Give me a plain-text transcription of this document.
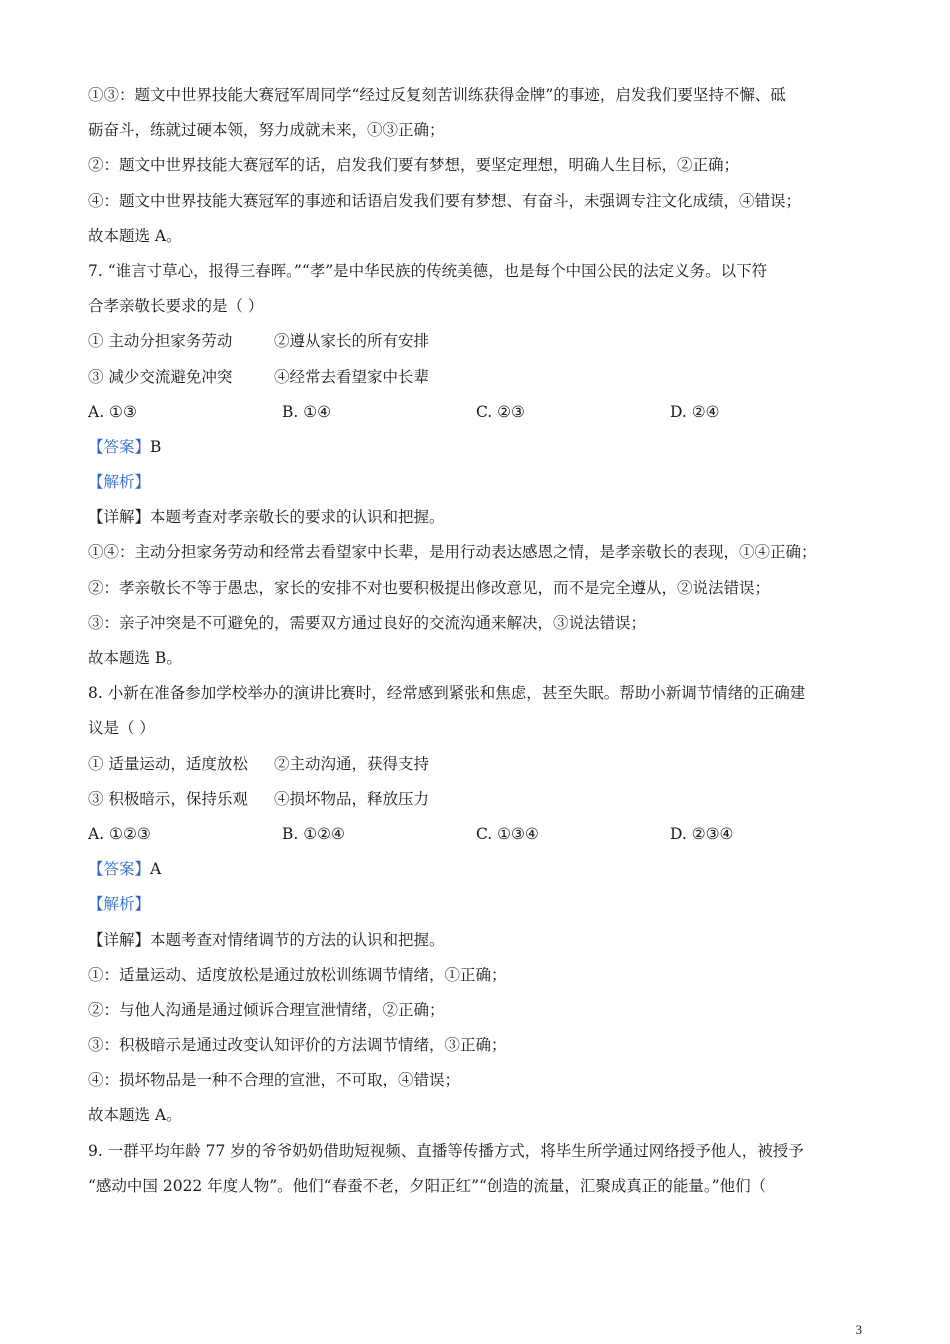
①③：题文中世界技能大赛冠军周同学“经过反复刻苦训练获得金牌”的事迹，启发我们要坚持不懈、砥
砺奋斗，练就过硬本领，努力成就未来，①③正确；
②：题文中世界技能大赛冠军的话，启发我们要有梦想，要坚定理想，明确人生目标，②正确；
④：题文中世界技能大赛冠军的事迹和话语启发我们要有梦想、有奋斗，未强调专注文化成绩，④错误；
故本题选 A。
7. “谁言寸草心，报得三春晖。”“孝”是中华民族的传统美德，也是每个中国公民的法定义务。以下符
合孝亲敬长要求的是（ ）
① 主动分担家务劳动	②遵从家长的所有安排
③ 减少交流避免冲突	④经常去看望家中长辈
A. ①③	B. ①④	C. ②③	D. ②④
【答案】B
【解析】
【详解】本题考查对孝亲敬长的要求的认识和把握。
①④：主动分担家务劳动和经常去看望家中长辈，是用行动表达感恩之情，是孝亲敬长的表现，①④正确；
②：孝亲敬长不等于愚忠，家长的安排不对也要积极提出修改意见，而不是完全遵从，②说法错误；
③：亲子冲突是不可避免的，需要双方通过良好的交流沟通来解决，③说法错误；
故本题选 B。
8. 小新在准备参加学校举办的演讲比赛时，经常感到紧张和焦虑，甚至失眠。帮助小新调节情绪的正确建
议是（ ）
① 适量运动，适度放松	②主动沟通，获得支持
③ 积极暗示，保持乐观	④损坏物品，释放压力
A. ①②③	B. ①②④	C. ①③④	D. ②③④
【答案】A
【解析】
【详解】本题考查对情绪调节的方法的认识和把握。
①：适量运动、适度放松是通过放松训练调节情绪，①正确；
②：与他人沟通是通过倾诉合理宣泄情绪，②正确；
③：积极暗示是通过改变认知评价的方法调节情绪，③正确；
④：损坏物品是一种不合理的宣泄，不可取，④错误；
故本题选 A。
9. 一群平均年龄 77 岁的爷爷奶奶借助短视频、直播等传播方式，将毕生所学通过网络授予他人，被授予
“感动中国 2022 年度人物”。他们“春蚕不老，夕阳正红”“创造的流量，汇聚成真正的能量。”他们（
3
